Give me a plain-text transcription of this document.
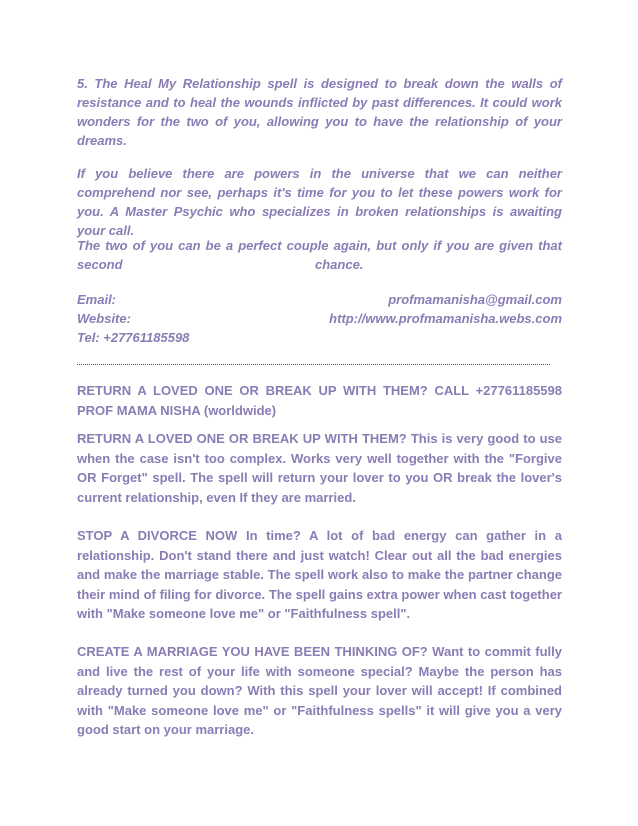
5. The Heal My Relationship spell is designed to break down the walls of resistance and to heal the wounds inflicted by past differences. It could work wonders for the two of you, allowing you to have the relationship of your dreams.

If you believe there are powers in the universe that we can neither comprehend nor see, perhaps it's time for you to let these powers work for you. A Master Psychic who specializes in broken relationships is awaiting your call.

The two of you can be a perfect couple again, but only if you are given that
second	chance.
Email:	profmamanisha@gmail.com
Website:	http://www.profmamanisha.webs.com
Tel: +27761185598

RETURN A LOVED ONE OR BREAK UP WITH THEM? CALL +27761185598 PROF MAMA NISHA (worldwide)

RETURN A LOVED ONE OR BREAK UP WITH THEM? This is very good to use when the case isn't too complex. Works very well together with the "Forgive OR Forget" spell. The spell will return your lover to you OR break the lover's current relationship, even If they are married.

STOP A DIVORCE NOW In time? A lot of bad energy can gather in a relationship. Don't stand there and just watch! Clear out all the bad energies and make the marriage stable. The spell work also to make the partner change their mind of filing for divorce. The spell gains extra power when cast together with "Make someone love me" or "Faithfulness spell".

CREATE A MARRIAGE YOU HAVE BEEN THINKING OF? Want to commit fully and live the rest of your life with someone special? Maybe the person has already turned you down? With this spell your lover will accept! If combined with "Make someone love me" or "Faithfulness spells" it will give you a very good start on your marriage.
